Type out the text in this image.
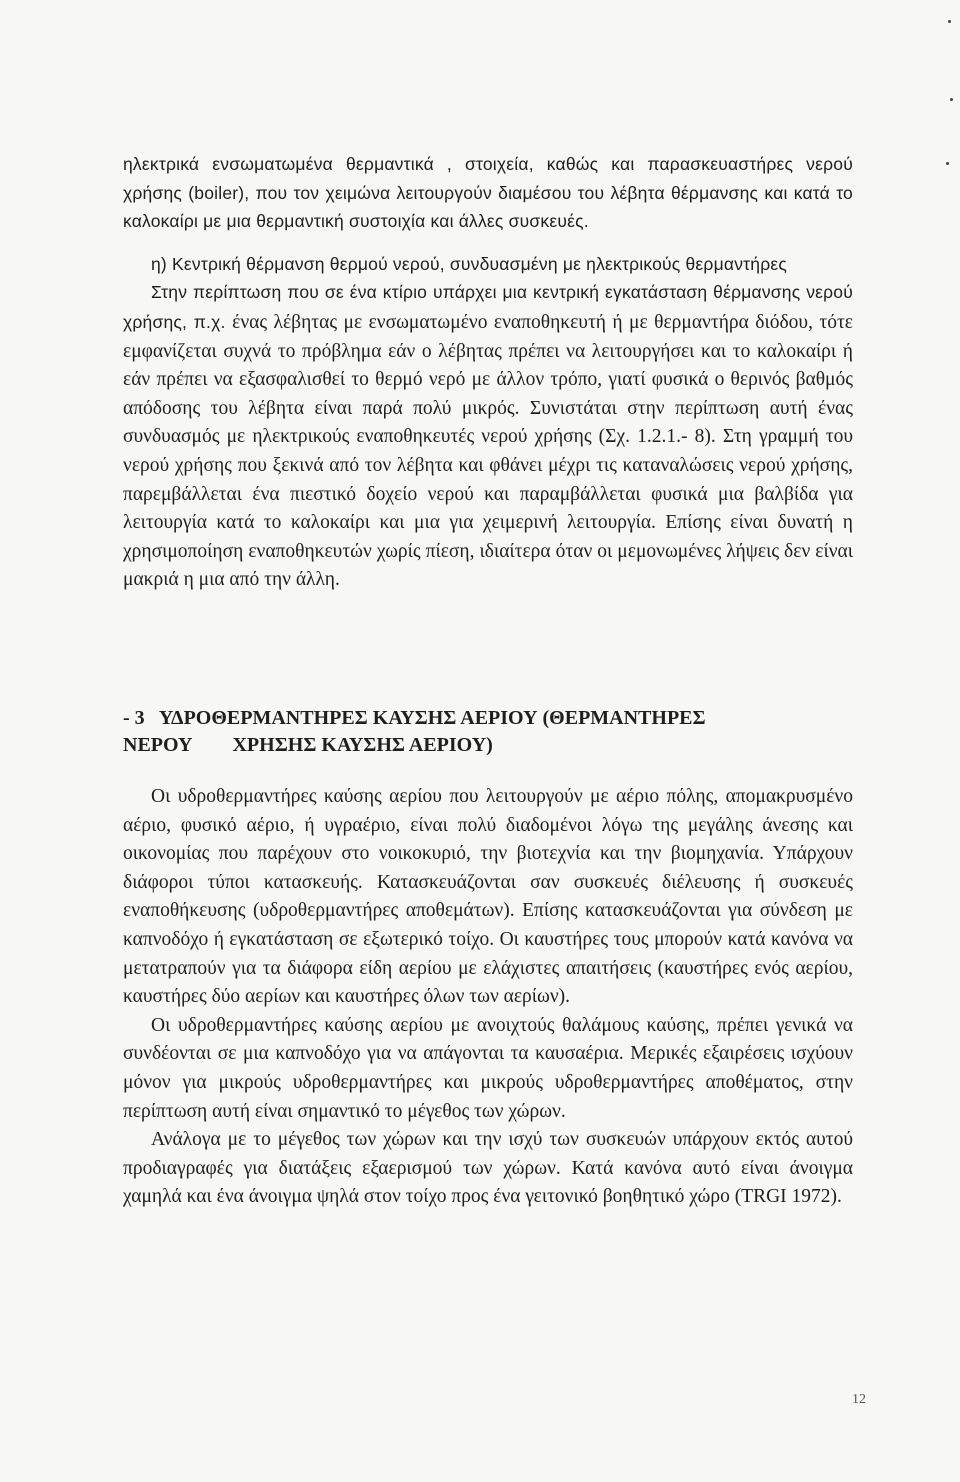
ηλεκτρικά ενσωματωμένα θερμαντικά , στοιχεία, καθώς και παρασκευαστήρες νερού χρήσης (boiler), που τον χειμώνα λειτουργούν διαμέσου του λέβητα θέρμανσης και κατά το καλοκαίρι με μια θερμαντική συστοιχία και άλλες συσκευές.

η) Κεντρική θέρμανση θερμού νερού, συνδυασμένη με ηλεκτρικούς θερμαντήρες

Στην περίπτωση που σε ένα κτίριο υπάρχει μια κεντρική εγκατάσταση θέρμανσης νερού χρήσης, π.χ. ένας λέβητας με ενσωματωμένο εναποθηκευτή ή με θερμαντήρα διόδου, τότε εμφανίζεται συχνά το πρόβλημα εάν ο λέβητας πρέπει να λειτουργήσει και το καλοκαίρι ή εάν πρέπει να εξασφαλισθεί το θερμό νερό με άλλον τρόπο, γιατί φυσικά ο θερινός βαθμός απόδοσης του λέβητα είναι παρά πολύ μικρός. Συνιστάται στην περίπτωση αυτή ένας συνδυασμός με ηλεκτρικούς εναποθηκευτές νερού χρήσης (Σχ. 1.2.1.- 8). Στη γραμμή του νερού χρήσης που ξεκινά από τον λέβητα και φθάνει μέχρι τις καταναλώσεις νερού χρήσης, παρεμβάλλεται ένα πιεστικό δοχείο νερού και παραμβάλλεται φυσικά μια βαλβίδα για λειτουργία κατά το καλοκαίρι και μια για χειμερινή λειτουργία. Επίσης είναι δυνατή η χρησιμοποίηση εναποθηκευτών χωρίς πίεση, ιδιαίτερα όταν οι μεμονωμένες λήψεις δεν είναι μακριά η μια από την άλλη.

- 3   ΥΔΡΟΘΕΡΜΑΝΤΗΡΕΣ ΚΑΥΣΗΣ ΑΕΡΙΟΥ (ΘΕΡΜΑΝΤΗΡΕΣ
ΝΕΡΟΥ        ΧΡΗΣΗΣ ΚΑΥΣΗΣ ΑΕΡΙΟΥ)

Οι υδροθερμαντήρες καύσης αερίου που λειτουργούν με αέριο πόλης, απομακρυσμένο αέριο, φυσικό αέριο, ή υγραέριο, είναι πολύ διαδομένοι λόγω της μεγάλης άνεσης και οικονομίας που παρέχουν στο νοικοκυριό, την βιοτεχνία και την βιομηχανία. Υπάρχουν διάφοροι τύποι κατασκευής. Κατασκευάζονται σαν συσκευές διέλευσης ή συσκευές εναποθήκευσης (υδροθερμαντήρες αποθεμάτων). Επίσης κατασκευάζονται για σύνδεση με καπνοδόχο ή εγκατάσταση σε εξωτερικό τοίχο. Οι καυστήρες τους μπορούν κατά κανόνα να μετατραπούν για τα διάφορα είδη αερίου με ελάχιστες απαιτήσεις (καυστήρες ενός αερίου, καυστήρες δύο αερίων και καυστήρες όλων των αερίων).

Οι υδροθερμαντήρες καύσης αερίου με ανοιχτούς θαλάμους καύσης, πρέπει γενικά να συνδέονται σε μια καπνοδόχο για να απάγονται τα καυσαέρια. Μερικές εξαιρέσεις ισχύουν μόνον για μικρούς υδροθερμαντήρες και μικρούς υδροθερμαντήρες αποθέματος, στην περίπτωση αυτή είναι σημαντικό το μέγεθος των χώρων.

Ανάλογα με το μέγεθος των χώρων και την ισχύ των συσκευών υπάρχουν εκτός αυτού προδιαγραφές για διατάξεις εξαερισμού των χώρων. Κατά κανόνα αυτό είναι άνοιγμα χαμηλά και ένα άνοιγμα ψηλά στον τοίχο προς ένα γειτονικό βοηθητικό χώρο (TRGI 1972).

12
